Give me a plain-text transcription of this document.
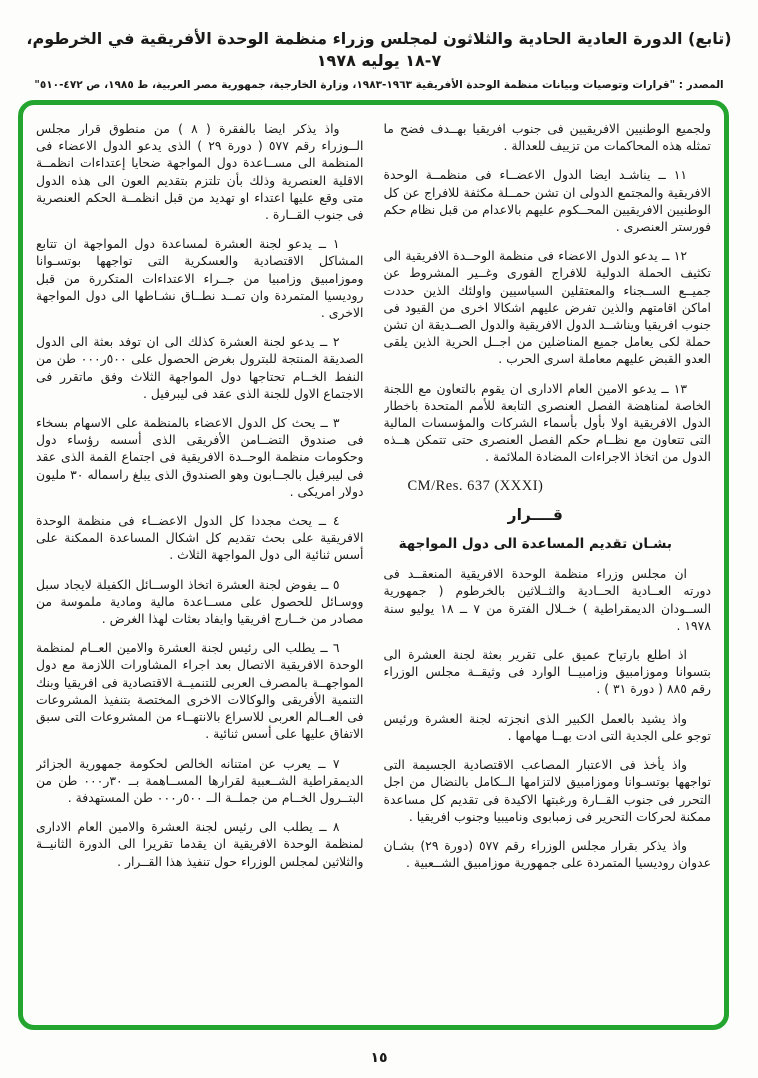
(تابع) الدورة العادية الحادية والثلاثون لمجلس وزراء منظمة الوحدة الأفريقية في الخرطوم، ٧-١٨ يوليه ١٩٧٨
المصدر : "قرارات وتوصيات وبيانات منظمة الوحدة الأفريقية ١٩٦٣-١٩٨٣، وزارة الخارجية، جمهورية مصر العربية، ط ١٩٨٥، ص ٤٧٢-٥١٠"

ولجميع الوطنيين الافريقيين فى جنوب افريقيا بهــدف فضح ما تمثله هذه المحاكمات من تزييف للعدالة .

١١ ــ يناشـد ايضا الدول الاعضــاء فى منظمــة الوحدة الافريقية والمجتمع الدولى ان تشن حمــلة مكثفة للافراج عن كل الوطنيين الافريقيين المحــكوم عليهم بالاعدام من قبل نظام حكم فورستر العنصرى .

١٢ ــ يدعو الدول الاعضاء فى منظمة الوحــدة الافريقية الى تكثيف الحملة الدولية للافراج الفورى وغــير المشروط عن جميــع الســجناء والمعتقلين السياسيين واولئك الذين حددت اماكن اقامتهم والذين تفرض عليهم اشكالا اخرى من القيود فى جنوب افريقيا ويناشــد الدول الافريقية والدول الصــديقة ان تشن حملة لكى يعامل جميع المناضلين من اجــل الحرية الذين يلقى العدو القبض عليهم معاملة اسرى الحرب .

١٣ ــ يدعو الامين العام الادارى ان يقوم بالتعاون مع اللجنة الخاصة لمناهضة الفصل العنصرى التابعة للأمم المتحدة باخطار الدول الافريقية اولا بأول بأسماء الشركات والمؤسسات المالية التى تتعاون مع نظــام حكم الفصل العنصرى حتى تتمكن هــذه الدول من اتخاذ الاجراءات المضادة الملائمة .

CM/Res. 637 (XXXI)

قــــرار

بشـان تقديم المساعدة الى دول المواجهة

ان مجلس وزراء منظمة الوحدة الافريقية المنعقــد فى دورته العــادية الحــادية والثــلاثين بالخرطوم ( جمهورية الســودان الديمقراطية ) خــلال الفترة من ٧ ــ ١٨ يوليو سنة ١٩٧٨ .

اذ اطلع بارتياح عميق على تقرير بعثة لجنة العشرة الى بتسوانا وموزامبيق وزامبيــا الوارد فى وثيقــة مجلس الوزراء رقم ٨٨٥ ( دورة ٣١ ) .

واذ يشيد بالعمل الكبير الذى انجزته لجنة العشرة ورئيس توجو على الجدية التى ادت بهــا مهامها .

واذ يأخذ فى الاعتبار المصاعب الاقتصادية الجسيمة التى تواجهها بوتسـوانا وموزامبيق لالتزامها الــكامل بالنضال من اجل التحرر فى جنوب القــارة ورغبتها الاكيدة فى تقديم كل مساعدة ممكنة لحركات التحرير فى زمبابوى وناميبيا وجنوب افريقيا .

واذ يذكر بقرار مجلس الوزراء رقم ٥٧٧ (دورة ٢٩) بشـان عدوان روديسيا المتمردة على جمهورية موزامبيق الشــعبية .

واذ يذكر ايضا بالفقرة ( ٨ ) من منطوق قرار مجلس الــوزراء رقم ٥٧٧ ( دورة ٢٩ ) الذى يدعو الدول الاعضاء فى المنظمة الى مســاعدة دول المواجهة ضحايا إعتداءات انظمــة الاقلية العنصرية وذلك بأن تلتزم بتقديم العون الى هذه الدول متى وقع عليها اعتداء او تهديد من قبل انظمــة الحكم العنصرية فى جنوب القــارة .

١ ــ يدعو لجنة العشرة لمساعدة دول المواجهة ان تتابع المشاكل الاقتصادية والعسكرية التى تواجهها بوتسـوانا وموزامبيق وزامبيا من جــراء الاعتداءات المتكررة من قبل روديسيا المتمردة وان تمــد نطــاق نشـاطها الى دول المواجهة الاخرى .

٢ ــ يدعو لجنة العشرة كذلك الى ان توفد بعثة الى الدول الصديقة المنتجة للبترول بغرض الحصول على ٥٠٠ر٠٠٠ طن من النفط الخــام تحتاجها دول المواجهة الثلاث وفق ماتقرر فى الاجتماع الاول للجنة الذى عقد فى ليبرفيل .

٣ ــ يحث كل الدول الاعضاء بالمنظمة على الاسهام بسخاء فى صندوق التضــامن الأفريقى الذى أسسه رؤساء دول وحكومات منظمة الوحــدة الافريقية فى اجتماع القمة الذى عقد فى ليبرفيل بالجــابون وهو الصندوق الذى يبلغ راسماله ٣٠ مليون دولار امريكى .

٤ ــ يحث مجددا كل الدول الاعضــاء فى منظمة الوحدة الافريقية على بحث تقديم كل اشكال المساعدة الممكنة على أسس ثنائية الى دول المواجهة الثلاث .

٥ ــ يفوض لجنة العشرة اتخاذ الوســائل الكفيلة لايجاد سبل ووسـائل للحصول على مســاعدة مالية ومادية ملموسة من مصادر من خــارج افريقيا وايفاد بعثات لهذا الغرض .

٦ ــ يطلب الى رئيس لجنة العشرة والامين العــام لمنظمة الوحدة الافريقية الاتصال بعد اجراء المشاورات اللازمة مع دول المواجهــة بالمصرف العربى للتنميــة الاقتصادية فى افريقيا وبنك التنمية الأفريقى والوكالات الاخرى المختصة بتنفيذ المشروعات فى العــالم العربى للاسراع بالانتهــاء من المشروعات التى سبق الاتفاق عليها على أسس ثنائية .

٧ ــ يعرب عن امتنانه الخالص لحكومة جمهورية الجزائر الديمقراطية الشــعبية لقرارها المســاهمة بــ ٣٠ر٠٠٠ طن من البتــرول الخــام من جملــة الــ ٥٠٠ر٠٠٠ طن المستهدفة .

٨ ــ يطلب الى رئيس لجنة العشرة والامين العام الادارى لمنظمة الوحدة الافريقية ان يقدما تقريرا الى الدورة الثانيــة والثلاثين لمجلس الوزراء حول تنفيذ هذا القــرار .

١٥
